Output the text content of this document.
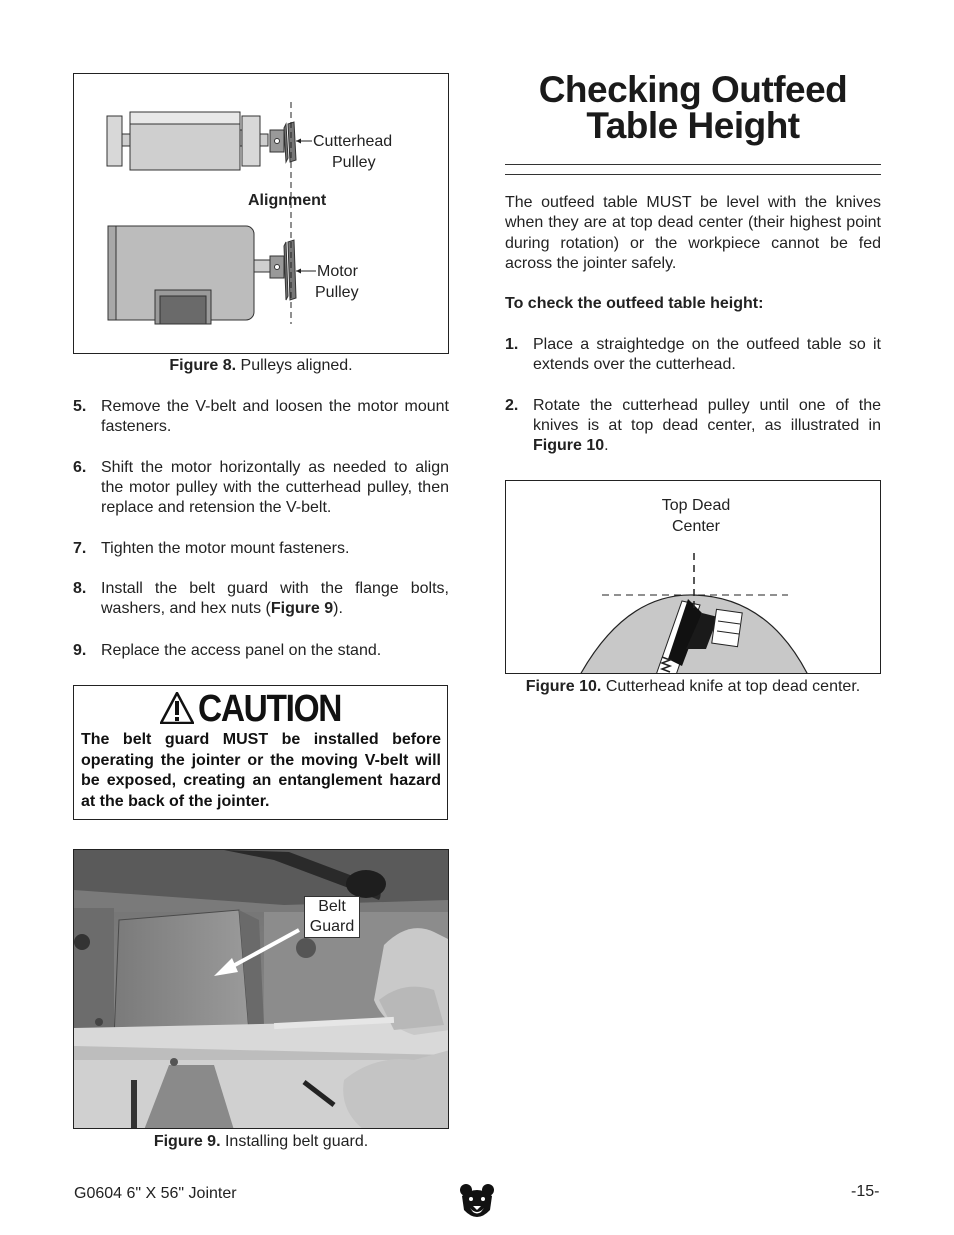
Cutterhead
Pulley
Alignment
Motor
Pulley
Figure 8. Pulleys aligned.
5. Remove the V-belt and loosen the motor mount fasteners.
6. Shift the motor horizontally as needed to align the motor pulley with the cutterhead pulley, then replace and retension the V-belt.
7. Tighten the motor mount fasteners.
8. Install the belt guard with the flange bolts, washers, and hex nuts (Figure 9).
9. Replace the access panel on the stand.
CAUTION
The belt guard MUST be installed before operating the jointer or the moving V-belt will be exposed, creating an entanglement hazard at the back of the jointer.
Belt
Guard
Figure 9. Installing belt guard.
Checking Outfeed
Table Height
The outfeed table MUST be level with the knives when they are at top dead center (their highest point during rotation) or the workpiece cannot be fed across the jointer safely.
To check the outfeed table height:
1. Place a straightedge on the outfeed table so it extends over the cutterhead.
2. Rotate the cutterhead pulley until one of the knives is at top dead center, as illustrated in Figure 10.
Top Dead
Center
Figure 10. Cutterhead knife at top dead center.
G0604 6" X 56" Jointer	-15-
